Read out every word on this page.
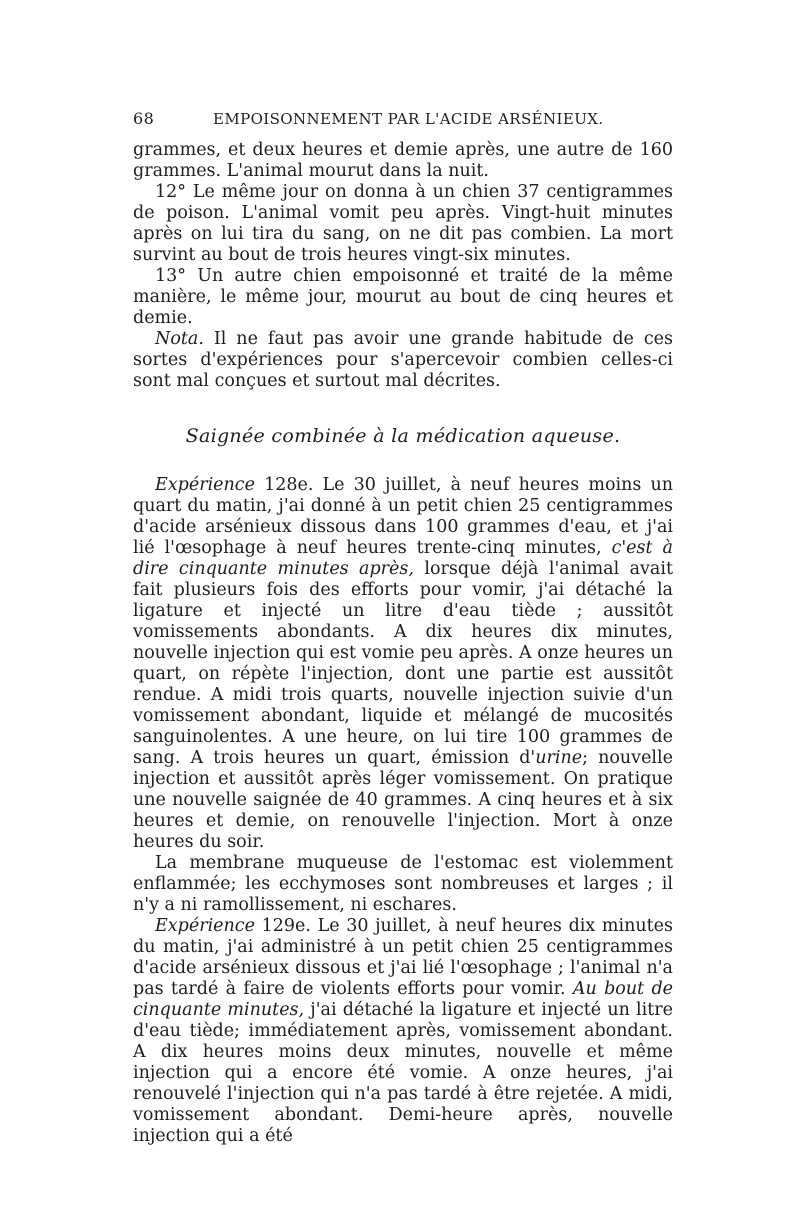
68	EMPOISONNEMENT PAR L'ACIDE ARSÉNIEUX.

grammes, et deux heures et demie après, une autre de 160 grammes. L'animal mourut dans la nuit.

12° Le même jour on donna à un chien 37 centigrammes de poison. L'animal vomit peu après. Vingt-huit minutes après on lui tira du sang, on ne dit pas combien. La mort survint au bout de trois heures vingt-six minutes.

13° Un autre chien empoisonné et traité de la même manière, le même jour, mourut au bout de cinq heures et demie.

Nota. Il ne faut pas avoir une grande habitude de ces sortes d'expériences pour s'apercevoir combien celles-ci sont mal conçues et surtout mal décrites.

Saignée combinée à la médication aqueuse.

Expérience 128e. Le 30 juillet, à neuf heures moins un quart du matin, j'ai donné à un petit chien 25 centigrammes d'acide arsénieux dissous dans 100 grammes d'eau, et j'ai lié l'œsophage à neuf heures trente-cinq minutes, c'est à dire cinquante minutes après, lorsque déjà l'animal avait fait plusieurs fois des efforts pour vomir, j'ai détaché la ligature et injecté un litre d'eau tiède ; aussitôt vomissements abondants. A dix heures dix minutes, nouvelle injection qui est vomie peu après. A onze heures un quart, on répète l'injection, dont une partie est aussitôt rendue. A midi trois quarts, nouvelle injection suivie d'un vomissement abondant, liquide et mélangé de mucosités sanguinolentes. A une heure, on lui tire 100 grammes de sang. A trois heures un quart, émission d'urine; nouvelle injection et aussitôt après léger vomissement. On pratique une nouvelle saignée de 40 grammes. A cinq heures et à six heures et demie, on renouvelle l'injection. Mort à onze heures du soir.

La membrane muqueuse de l'estomac est violemment enflammée; les ecchymoses sont nombreuses et larges ; il n'y a ni ramollissement, ni eschares.

Expérience 129e. Le 30 juillet, à neuf heures dix minutes du matin, j'ai administré à un petit chien 25 centigrammes d'acide arsénieux dissous et j'ai lié l'œsophage ; l'animal n'a pas tardé à faire de violents efforts pour vomir. Au bout de cinquante minutes, j'ai détaché la ligature et injecté un litre d'eau tiède; immédiatement après, vomissement abondant. A dix heures moins deux minutes, nouvelle et même injection qui a encore été vomie. A onze heures, j'ai renouvelé l'injection qui n'a pas tardé à être rejetée. A midi, vomissement abondant. Demi-heure après, nouvelle injection qui a été
